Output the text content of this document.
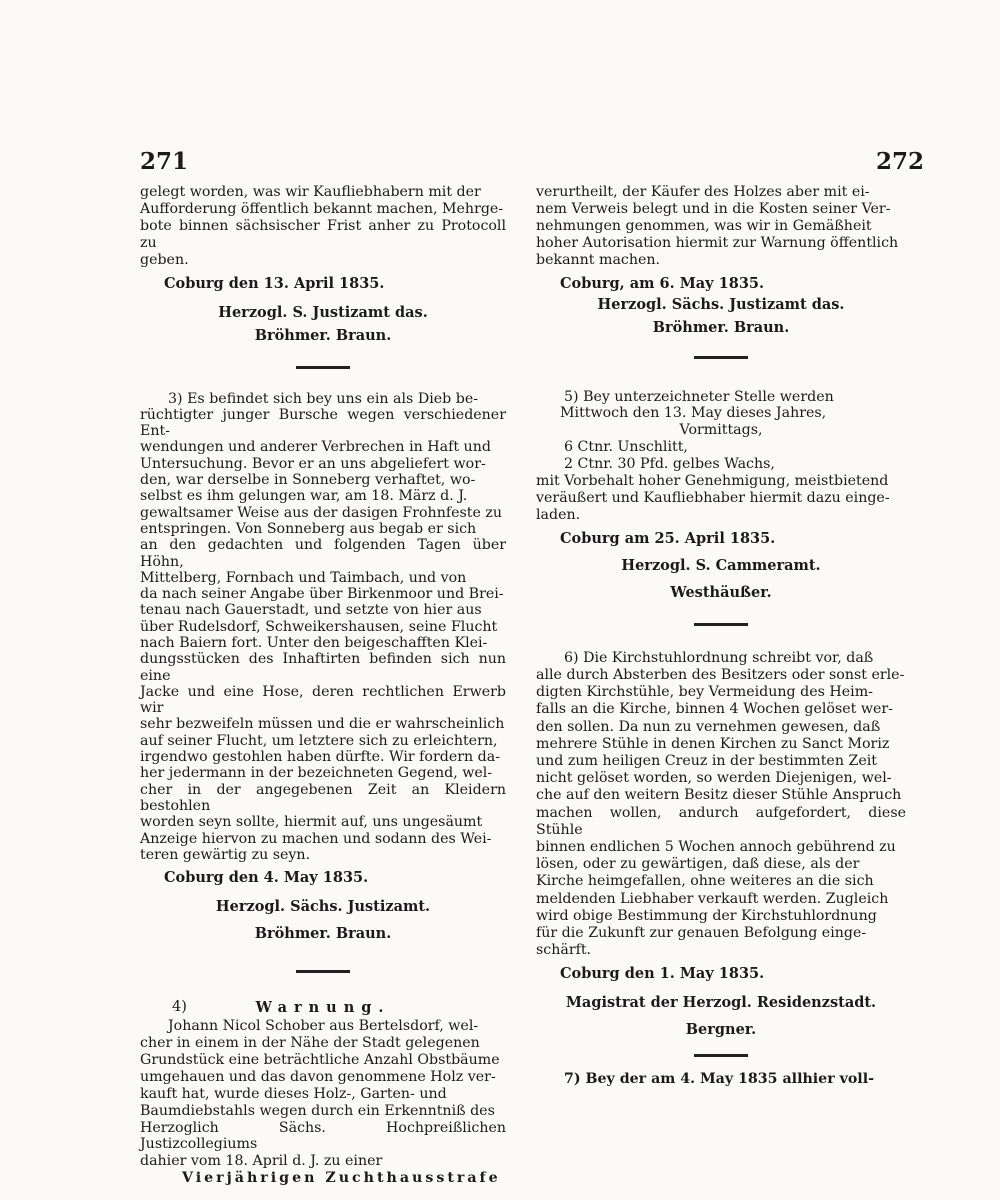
271	272

gelegt worden, was wir Kaufliebhabern mit der
Aufforderung öffentlich bekannt machen, Mehrge-
bote binnen sächsischer Frist anher zu Protocoll zu
geben.

Coburg den 13. April 1835.
Herzogl. S. Justizamt das.
Bröhmer. Braun.

3) Es befindet sich bey uns ein als Dieb be-
rüchtigter junger Bursche wegen verschiedener Ent-
wendungen und anderer Verbrechen in Haft und
Untersuchung. Bevor er an uns abgeliefert wor-
den, war derselbe in Sonneberg verhaftet, wo-
selbst es ihm gelungen war, am 18. März d. J.
gewaltsamer Weise aus der dasigen Frohnfeste zu
entspringen. Von Sonneberg aus begab er sich
an den gedachten und folgenden Tagen über Höhn,
Mittelberg, Fornbach und Taimbach, und von
da nach seiner Angabe über Birkenmoor und Brei-
tenau nach Gauerstadt, und setzte von hier aus
über Rudelsdorf, Schweikershausen, seine Flucht
nach Baiern fort. Unter den beigeschafften Klei-
dungsstücken des Inhaftirten befinden sich nun eine
Jacke und eine Hose, deren rechtlichen Erwerb wir
sehr bezweifeln müssen und die er wahrscheinlich
auf seiner Flucht, um letztere sich zu erleichtern,
irgendwo gestohlen haben dürfte. Wir fordern da-
her jedermann in der bezeichneten Gegend, wel-
cher in der angegebenen Zeit an Kleidern bestohlen
worden seyn sollte, hiermit auf, uns ungesäumt
Anzeige hiervon zu machen und sodann des Wei-
teren gewärtig zu seyn.

Coburg den 4. May 1835.
Herzogl. Sächs. Justizamt.
Bröhmer. Braun.
4)	Warnung.

Johann Nicol Schober aus Bertelsdorf, wel-
cher in einem in der Nähe der Stadt gelegenen
Grundstück eine beträchtliche Anzahl Obstbäume
umgehauen und das davon genommene Holz ver-
kauft hat, wurde dieses Holz-, Garten- und
Baumdiebstahls wegen durch ein Erkenntniß des
Herzoglich Sächs. Hochpreißlichen Justizcollegiums
dahier vom 18. April d. J. zu einer
Vierjährigen Zuchthausstrafe

verurtheilt, der Käufer des Holzes aber mit ei-
nem Verweis belegt und in die Kosten seiner Ver-
nehmungen genommen, was wir in Gemäßheit
hoher Autorisation hiermit zur Warnung öffentlich
bekannt machen.

Coburg, am 6. May 1835.
Herzogl. Sächs. Justizamt das.
Bröhmer. Braun.

5) Bey unterzeichneter Stelle werden
Mittwoch den 13. May dieses Jahres,
Vormittags,

6 Ctnr. Unschlitt,

2 Ctnr. 30 Pfd. gelbes Wachs,

mit Vorbehalt hoher Genehmigung, meistbietend
veräußert und Kaufliebhaber hiermit dazu einge-
laden.

Coburg am 25. April 1835.
Herzogl. S. Cammeramt.
Westhäußer.

6) Die Kirchstuhlordnung schreibt vor, daß
alle durch Absterben des Besitzers oder sonst erle-
digten Kirchstühle, bey Vermeidung des Heim-
falls an die Kirche, binnen 4 Wochen gelöset wer-
den sollen. Da nun zu vernehmen gewesen, daß
mehrere Stühle in denen Kirchen zu Sanct Moriz
und zum heiligen Creuz in der bestimmten Zeit
nicht gelöset worden, so werden Diejenigen, wel-
che auf den weitern Besitz dieser Stühle Anspruch
machen wollen, andurch aufgefordert, diese Stühle
binnen endlichen 5 Wochen annoch gebührend zu
lösen, oder zu gewärtigen, daß diese, als der
Kirche heimgefallen, ohne weiteres an die sich
meldenden Liebhaber verkauft werden. Zugleich
wird obige Bestimmung der Kirchstuhlordnung
für die Zukunft zur genauen Befolgung einge-
schärft.

Coburg den 1. May 1835.
Magistrat der Herzogl. Residenzstadt.
Bergner.

7) Bey der am 4. May 1835 allhier voll-
